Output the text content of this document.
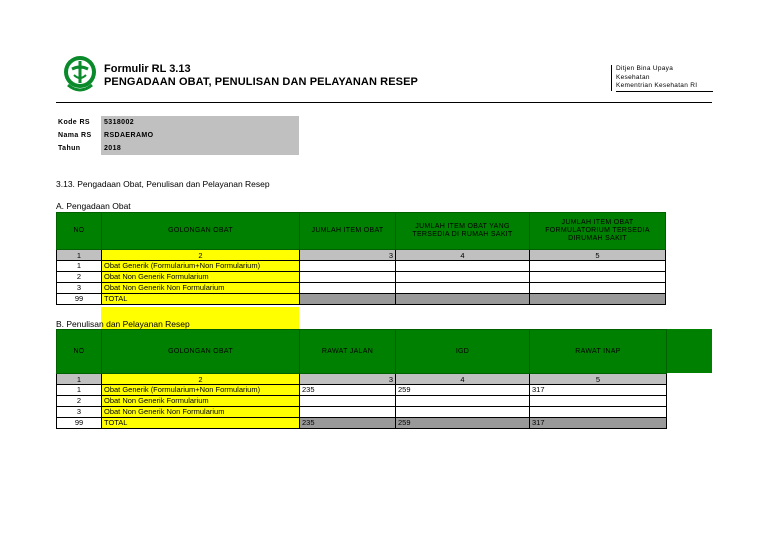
Formulir RL 3.13
PENGADAAN OBAT, PENULISAN DAN PELAYANAN RESEP
Ditjen Bina Upaya
Kesehatan
Kementrian Kesehatan RI
Kode RS	5318002
Nama RS	RSDAERAMO
Tahun	2018
3.13. Pengadaan Obat, Penulisan dan Pelayanan Resep
A. Pengadaan Obat
NO	GOLONGAN OBAT	JUMLAH ITEM OBAT	JUMLAH ITEM OBAT YANG TERSEDIA DI RUMAH SAKIT	JUMLAH ITEM OBAT FORMULATORIUM TERSEDIA DIRUMAH SAKIT
1	2	3	4	5
1	Obat Generik (Formularium+Non Formularium)			
2	Obat Non Generik Formularium			
3	Obat Non Generik Non Formularium			
99	TOTAL			
B. Penulisan dan Pelayanan Resep
NO	GOLONGAN OBAT	RAWAT JALAN	IGD	RAWAT INAP
1	2	3	4	5
1	Obat Generik (Formularium+Non Formularium)	235	259	317
2	Obat Non Generik Formularium			
3	Obat Non Generik Non Formularium			
99	TOTAL	235	259	317
